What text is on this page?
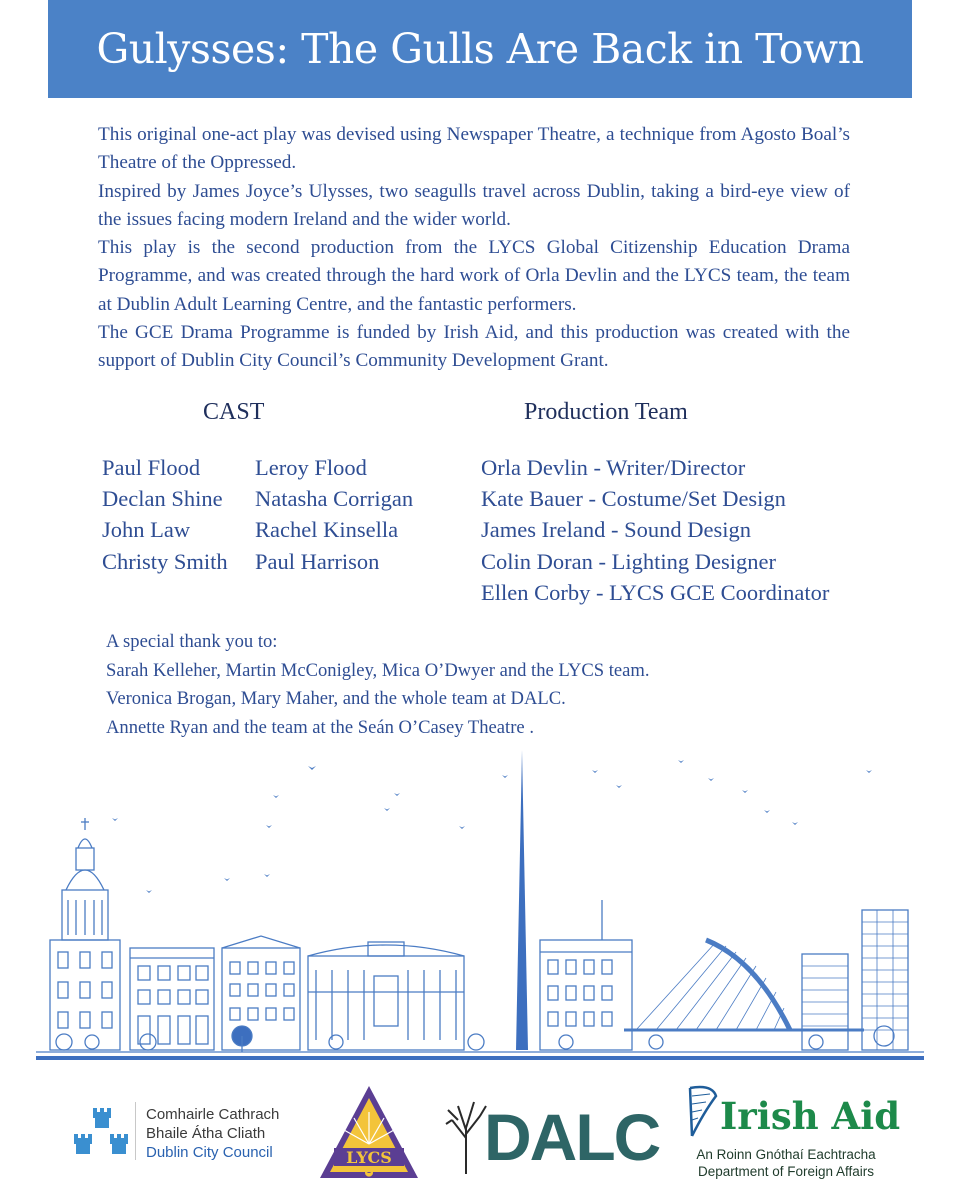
Gulysses: The Gulls Are Back in Town

This original one-act play was devised using Newspaper Theatre, a technique from Agosto Boal’s Theatre of the Oppressed.

Inspired by James Joyce’s Ulysses, two seagulls travel across Dublin, taking a bird-eye view of the issues facing modern Ireland and the wider world.

This play is the second production from the LYCS Global Citizenship Education Drama Programme, and was created through the hard work of Orla Devlin and the LYCS team, the team at Dublin Adult Learning Centre, and the fantastic performers.

The GCE Drama Programme is funded by Irish Aid, and this production was created with the support of Dublin City Council’s Community Development Grant.

CAST	Production Team
Paul Flood
Declan Shine
John Law
Christy Smith
Leroy Flood
Natasha Corrigan
Rachel Kinsella
Paul Harrison
Orla Devlin - Writer/Director
Kate Bauer - Costume/Set Design
James Ireland - Sound Design
Colin Doran - Lighting Designer
Ellen Corby - LYCS GCE Coordinator
A special thank you to:
Sarah Kelleher, Martin McConigley, Mica O’Dwyer and the LYCS team.
Veronica Brogan, Mary Maher, and the whole team at DALC.
Annette Ryan and the team at the Seán O’Casey Theatre .
Comhairle Cathrach
Bhaile Átha Cliath
Dublin City Council	LYCS DALC Irish Aid
An Roinn Gnóthaí Eachtracha
Department of Foreign Affairs
